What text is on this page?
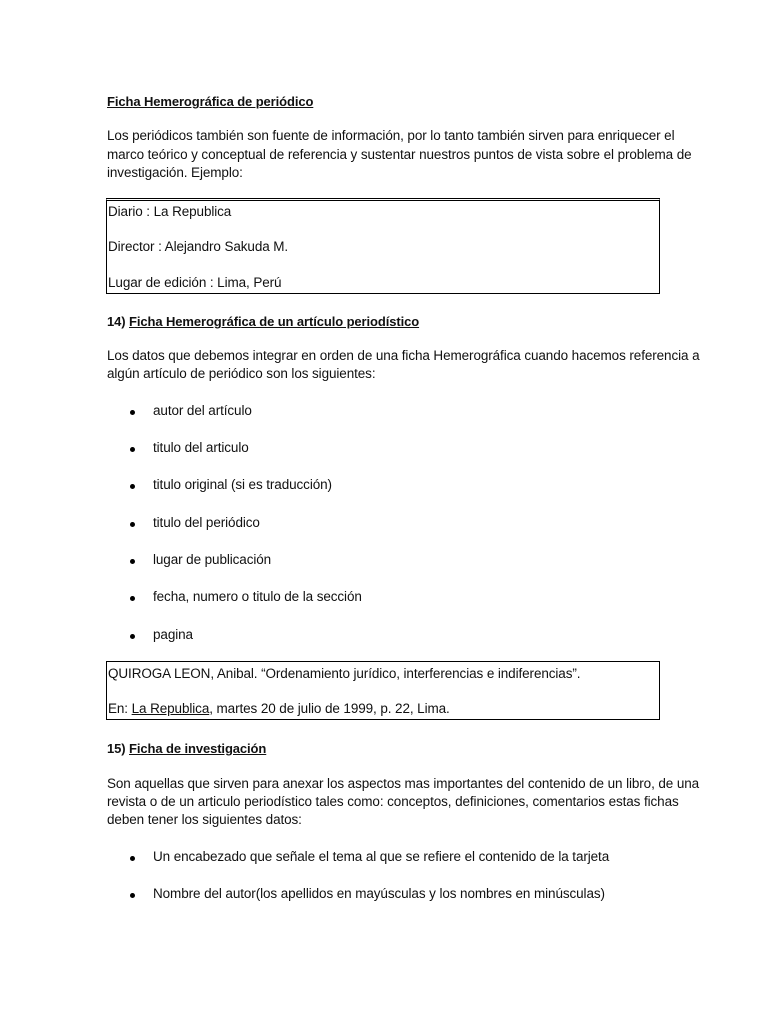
Ficha Hemerográfica de periódico
Los periódicos también son fuente de información, por lo tanto también sirven para enriquecer el
marco teórico y conceptual de referencia y sustentar nuestros puntos de vista sobre el problema de
investigación. Ejemplo:
Diario : La Republica
Director : Alejandro Sakuda M.
Lugar de edición : Lima, Perú
14) Ficha Hemerográfica de un artículo periodístico
Los datos que debemos integrar en orden de una ficha Hemerográfica cuando hacemos referencia a
algún artículo de periódico son los siguientes:
autor del artículo
titulo del articulo
titulo original (si es traducción)
titulo del periódico
lugar de publicación
fecha, numero o titulo de la sección
pagina
QUIROGA LEON, Anibal. “Ordenamiento jurídico, interferencias e indiferencias”.
En: La Republica, martes 20 de julio de 1999, p. 22, Lima.
15) Ficha de investigación
Son aquellas que sirven para anexar los aspectos mas importantes del contenido de un libro, de una
revista o de un articulo periodístico tales como: conceptos, definiciones, comentarios estas fichas
deben tener los siguientes datos:
Un encabezado que señale el tema al que se refiere el contenido de la tarjeta
Nombre del autor(los apellidos en mayúsculas y los nombres en minúsculas)
